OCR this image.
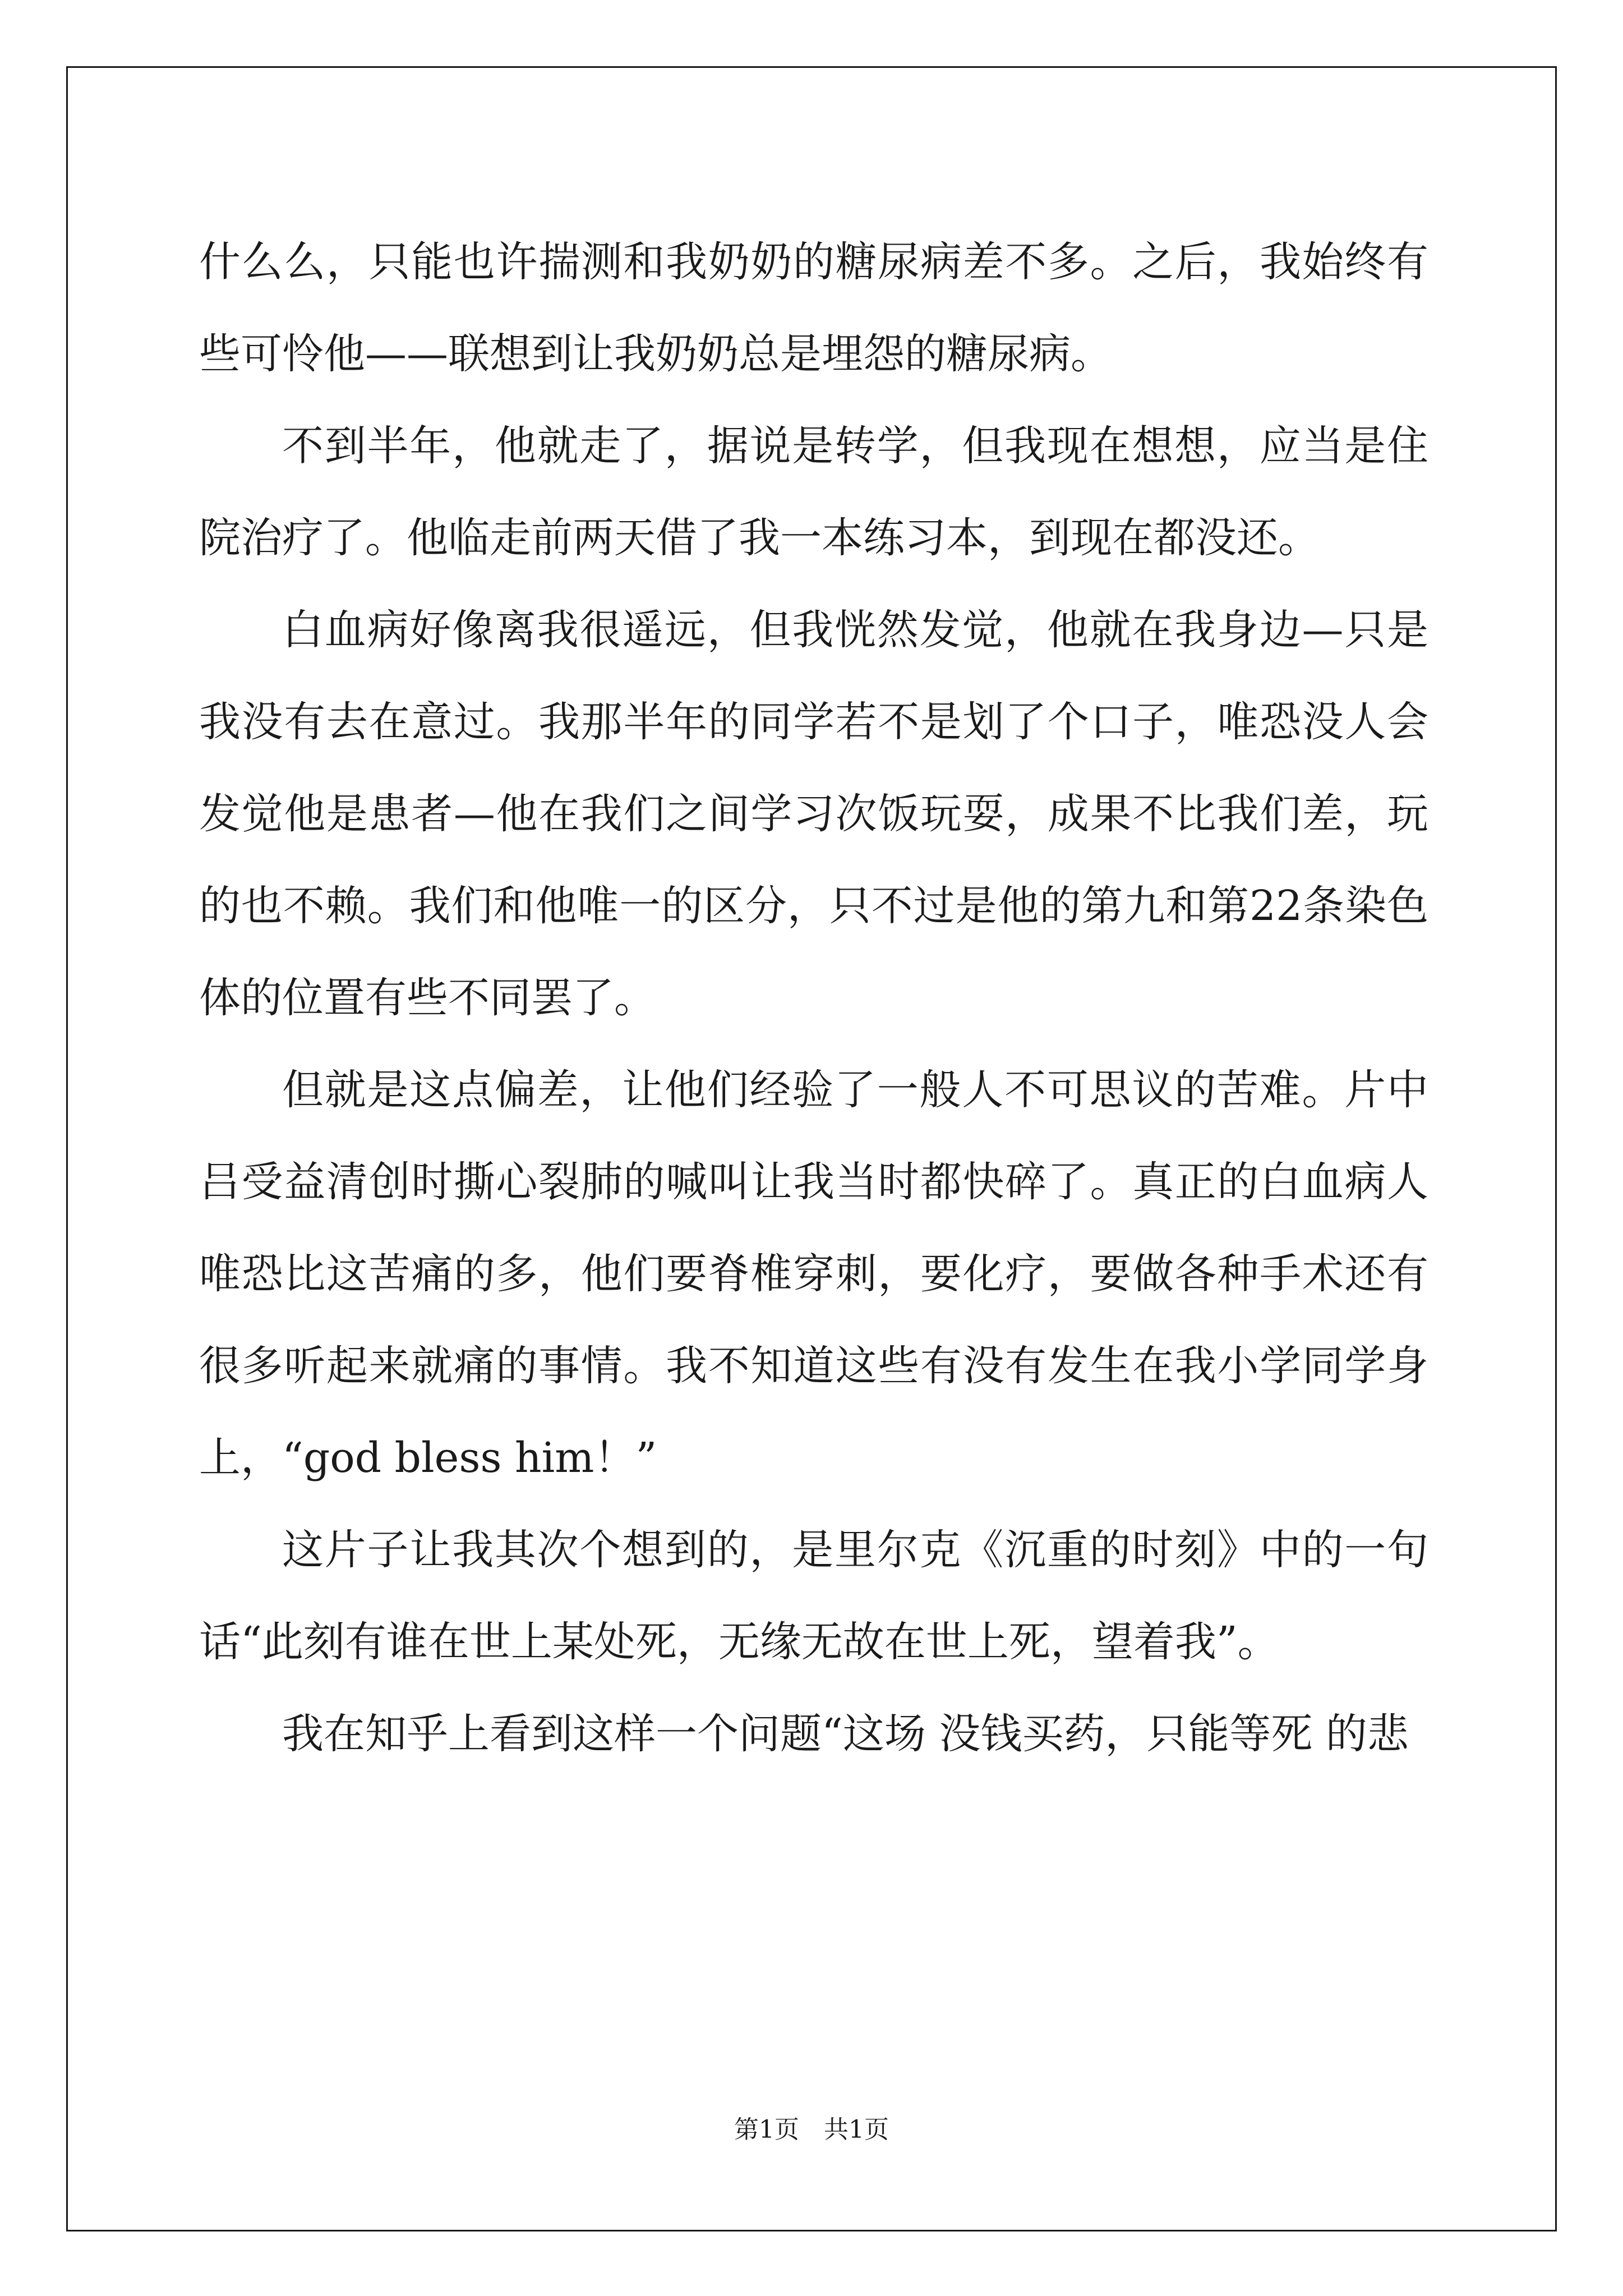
什么么，只能也许揣测和我奶奶的糖尿病差不多。之后，我始终有些可怜他——联想到让我奶奶总是埋怨的糖尿病。

不到半年，他就走了，据说是转学，但我现在想想，应当是住院治疗了。他临走前两天借了我一本练习本，到现在都没还。

白血病好像离我很遥远，但我恍然发觉，他就在我身边—只是我没有去在意过。我那半年的同学若不是划了个口子，唯恐没人会发觉他是患者—他在我们之间学习次饭玩耍，成果不比我们差，玩的也不赖。我们和他唯一的区分，只不过是他的第九和第22条染色体的位置有些不同罢了。

但就是这点偏差，让他们经验了一般人不可思议的苦难。片中吕受益清创时撕心裂肺的喊叫让我当时都快碎了。真正的白血病人唯恐比这苦痛的多，他们要脊椎穿刺，要化疗，要做各种手术还有很多听起来就痛的事情。我不知道这些有没有发生在我小学同学身上，“god bless him！”

这片子让我其次个想到的，是里尔克《沉重的时刻》中的一句话“此刻有谁在世上某处死，无缘无故在世上死，望着我”。

我在知乎上看到这样一个问题“这场 没钱买药，只能等死 的悲

第1页　共1页
